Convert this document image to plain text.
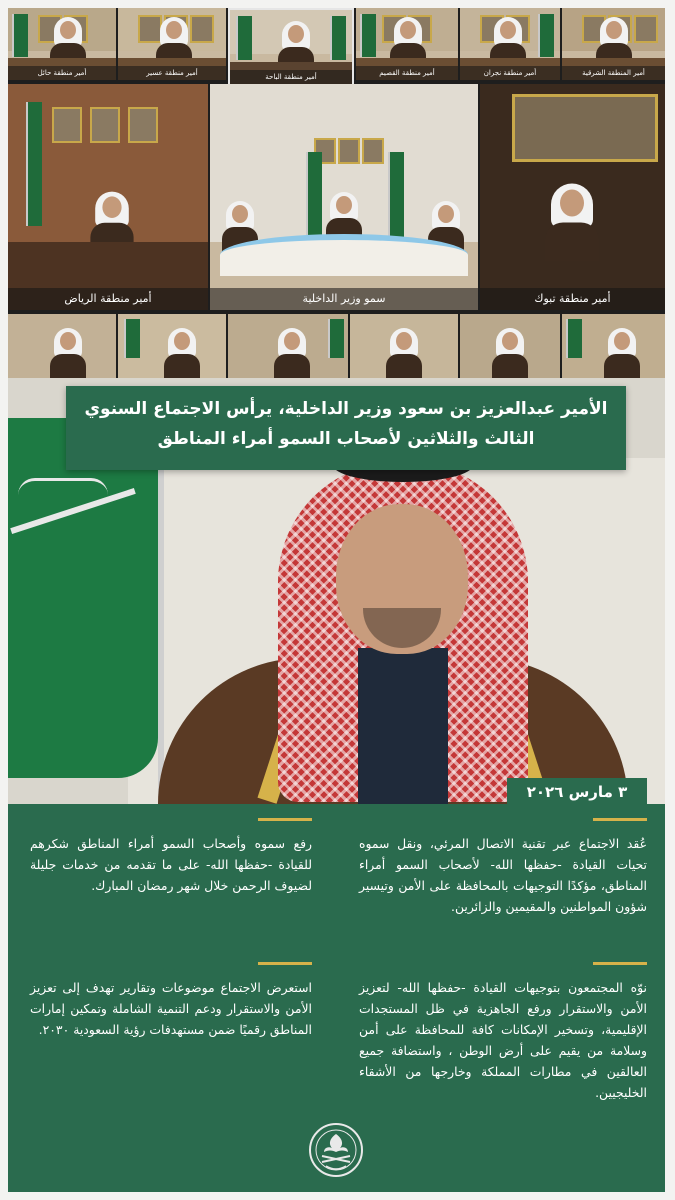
أمير منطقة حائل	أمير منطقة عسير	أمير منطقة الباحة	أمير منطقة القصيم	أمير منطقة نجران	أمير المنطقة الشرقية
أمير منطقة الرياض	سمو وزير الداخلية	أمير منطقة تبوك
الأمير عبدالعزيز بن سعود وزير الداخلية، يرأس الاجتماع السنوي
الثالث والثلاثين لأصحاب السمو أمراء المناطق
٣ مارس ٢٠٢٦

عُقد الاجتماع عبر تقنية الاتصال المرئي، ونقل سموه تحيات القيادة -حفظها الله- لأصحاب السمو أمراء المناطق، مؤكدًا التوجيهات بالمحافظة على الأمن وتيسير شؤون المواطنين والمقيمين والزائرين.

رفع سموه وأصحاب السمو أمراء المناطق شكرهم للقيادة -حفظها الله- على ما تقدمه من خدمات جليلة لضيوف الرحمن خلال شهر رمضان المبارك.

نوّه المجتمعون بتوجيهات القيادة -حفظها الله- لتعزيز الأمن والاستقرار ورفع الجاهزية في ظل المستجدات الإقليمية، وتسخير الإمكانات كافة للمحافظة على أمن وسلامة من يقيم على أرض الوطن ، واستضافة جميع العالقين في مطارات المملكة وخارجها من الأشقاء الخليجيين.

استعرض الاجتماع موضوعات وتقارير تهدف إلى تعزيز الأمن والاستقرار ودعم التنمية الشاملة وتمكين إمارات المناطق رقميًا ضمن مستهدفات رؤية السعودية ٢٠٣٠.
